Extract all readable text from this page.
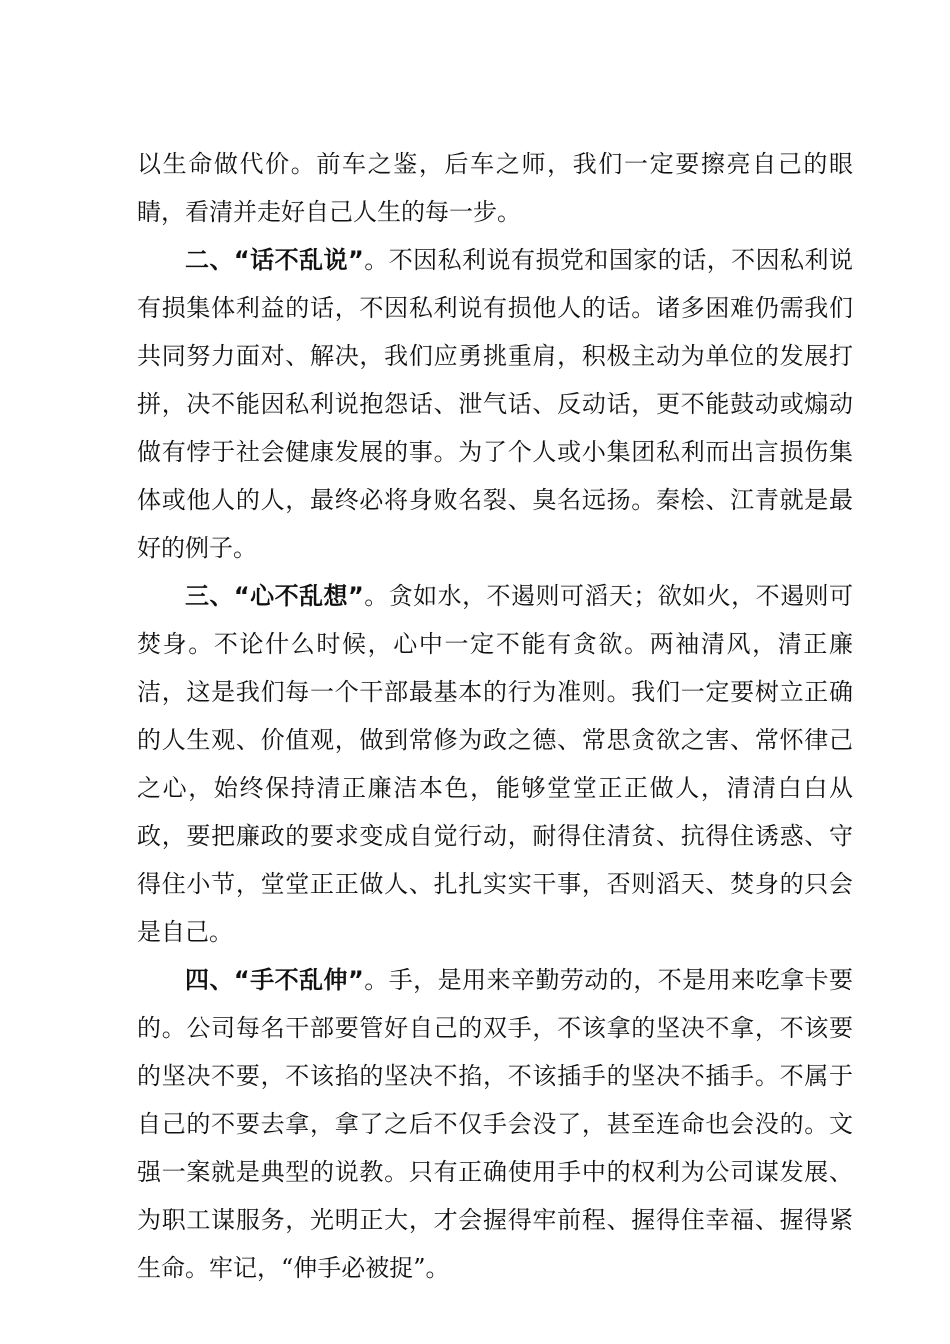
以生命做代价。前车之鉴，后车之师，我们一定要擦亮自己的眼睛，看清并走好自己人生的每一步。

二、“话不乱说”。不因私利说有损党和国家的话，不因私利说有损集体利益的话，不因私利说有损他人的话。诸多困难仍需我们共同努力面对、解决，我们应勇挑重肩，积极主动为单位的发展打拼，决不能因私利说抱怨话、泄气话、反动话，更不能鼓动或煽动做有悖于社会健康发展的事。为了个人或小集团私利而出言损伤集体或他人的人，最终必将身败名裂、臭名远扬。秦桧、江青就是最好的例子。

三、“心不乱想”。贪如水，不遏则可滔天；欲如火，不遏则可焚身。不论什么时候，心中一定不能有贪欲。两袖清风，清正廉洁，这是我们每一个干部最基本的行为准则。我们一定要树立正确的人生观、价值观，做到常修为政之德、常思贪欲之害、常怀律己之心，始终保持清正廉洁本色，能够堂堂正正做人，清清白白从政，要把廉政的要求变成自觉行动，耐得住清贫、抗得住诱惑、守得住小节，堂堂正正做人、扎扎实实干事，否则滔天、焚身的只会是自己。

四、“手不乱伸”。手，是用来辛勤劳动的，不是用来吃拿卡要的。公司每名干部要管好自己的双手，不该拿的坚决不拿，不该要的坚决不要，不该掐的坚决不掐，不该插手的坚决不插手。不属于自己的不要去拿，拿了之后不仅手会没了，甚至连命也会没的。文强一案就是典型的说教。只有正确使用手中的权利为公司谋发展、为职工谋服务，光明正大，才会握得牢前程、握得住幸福、握得紧生命。牢记，“伸手必被捉”。
